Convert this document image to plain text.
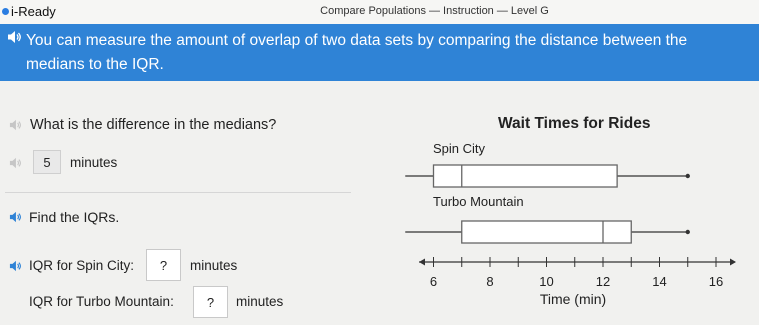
i-Ready	Compare Populations — Instruction — Level G
You can measure the amount of overlap of two data sets by comparing the distance between the medians to the IQR.
What is the difference in the medians?
5	minutes
Find the IQRs.
IQR for Spin City:	?	minutes
IQR for Turbo Mountain:	?	minutes
Wait Times for Rides
Spin City
Turbo Mountain
6	8	10	12	14	16
Time (min)
